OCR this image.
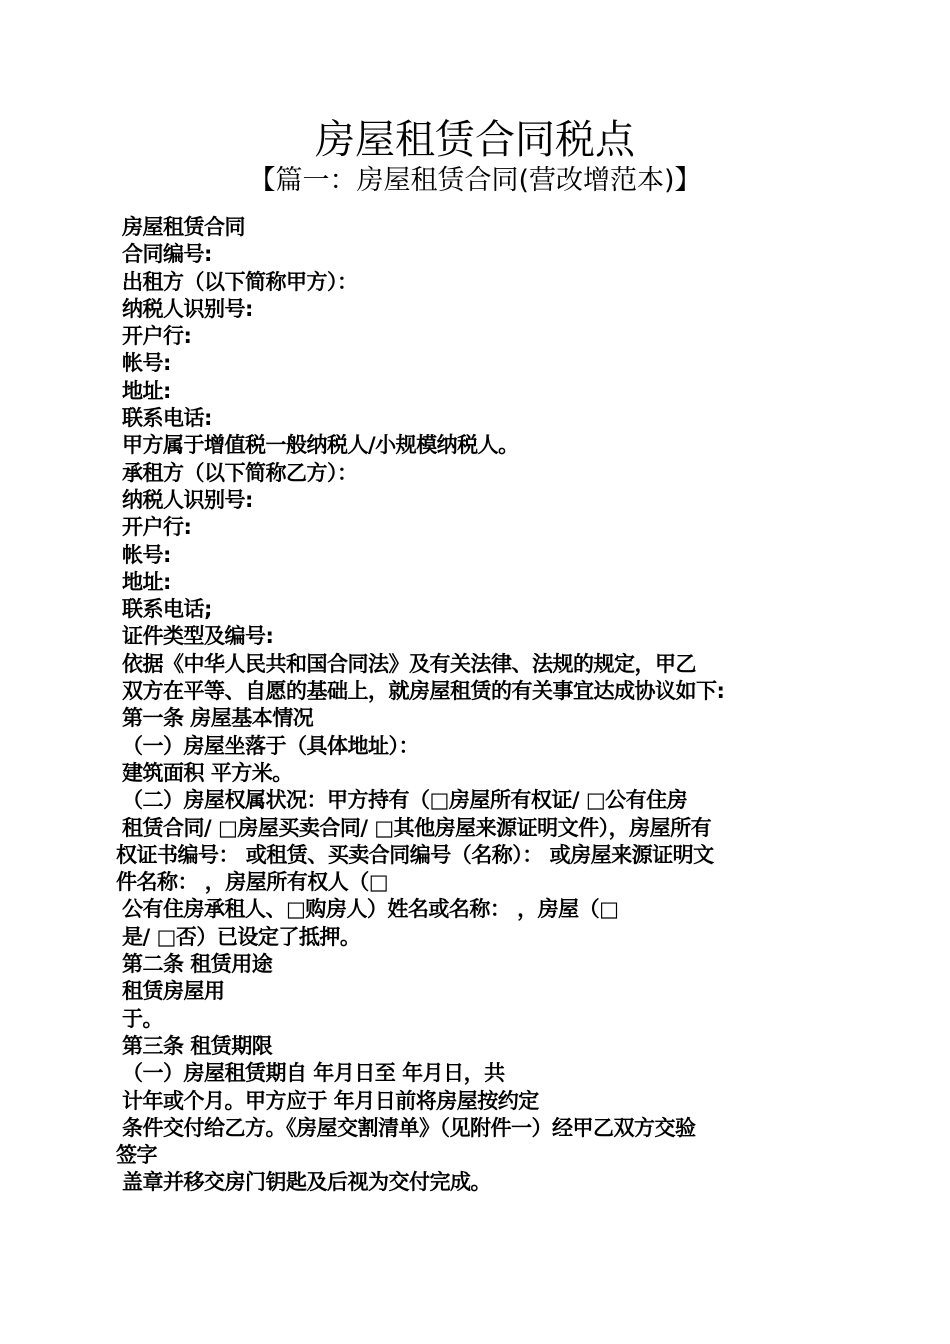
房屋租赁合同税点
【篇一：房屋租赁合同(营改增范本)】
房屋租赁合同
合同编号:
出租方（以下简称甲方）：
纳税人识别号:
开户行:
帐号:
地址:
联系电话:
甲方属于增值税一般纳税人/小规模纳税人。
承租方（以下简称乙方）：
纳税人识别号:
开户行:
帐号:
地址:
联系电话;
证件类型及编号:
依据《中华人民共和国合同法》及有关法律、法规的规定，甲乙
双方在平等、自愿的基础上，就房屋租赁的有关事宜达成协议如下:
第一条 房屋基本情况
（一）房屋坐落于（具体地址）：
建筑面积 平方米。
（二）房屋权属状况：甲方持有（□房屋所有权证/ □公有住房
租赁合同/ □房屋买卖合同/ □其他房屋来源证明文件），房屋所有
权证书编号： 或租赁、买卖合同编号（名称）： 或房屋来源证明文
件名称： ，房屋所有权人（□
公有住房承租人、□购房人）姓名或名称： ，房屋（□
是/ □否）已设定了抵押。
第二条 租赁用途
租赁房屋用
于。
第三条 租赁期限
（一）房屋租赁期自 年月日至 年月日，共
计年或个月。甲方应于 年月日前将房屋按约定
条件交付给乙方。《房屋交割清单》（见附件一）经甲乙双方交验
签字
盖章并移交房门钥匙及后视为交付完成。
